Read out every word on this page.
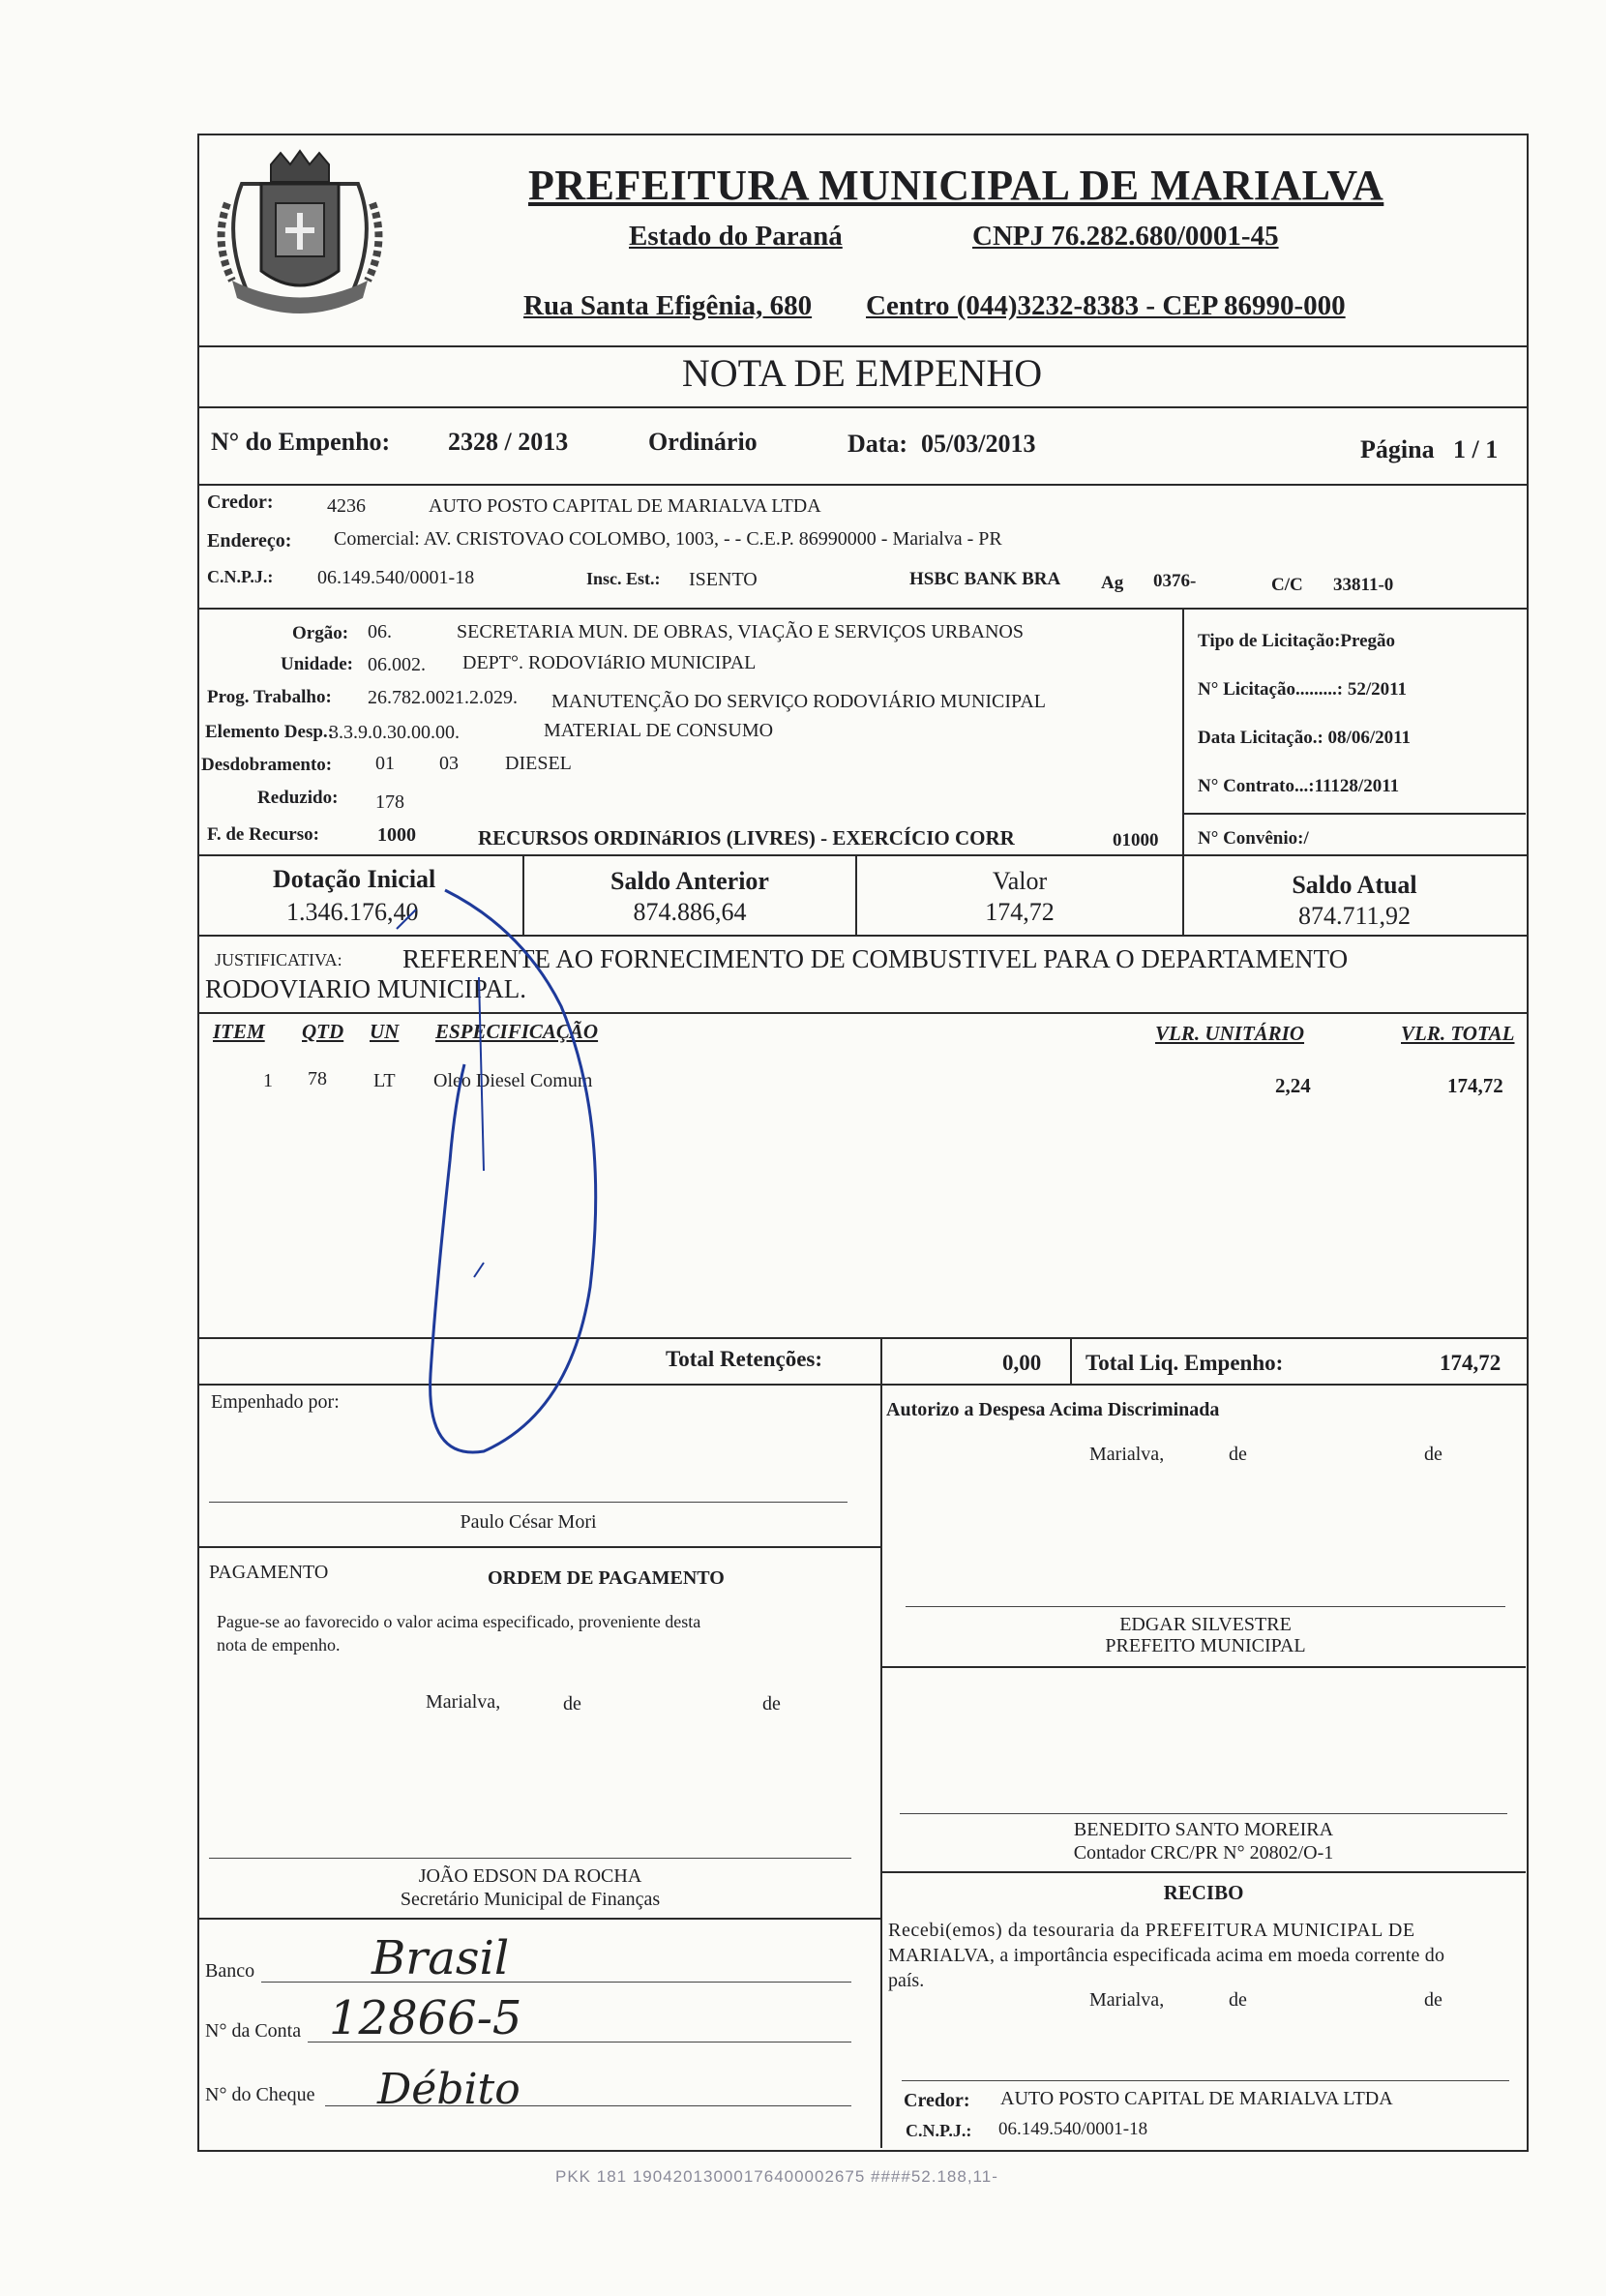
PREFEITURA MUNICIPAL DE MARIALVA
Estado do Paraná	CNPJ 76.282.680/0001-45
Rua Santa Efigênia, 680 Centro (044)3232-8383 - CEP 86990-000
NOTA DE EMPENHO
N° do Empenho: 2328 / 2013	Ordinário	Data: 05/03/2013	Página 1 / 1
Credor:	4236	AUTO POSTO CAPITAL DE MARIALVA LTDA
Endereço: Comercial: AV. CRISTOVAO COLOMBO, 1003, - - C.E.P. 86990000 - Marialva - PR
C.N.P.J.: 06.149.540/0001-18	Insc. Est.: ISENTO	HSBC BANK BRA Ag 0376-	C/C 33811-0
Orgão: 06.	SECRETARIA MUN. DE OBRAS, VIAÇÃO E SERVIÇOS URBANOS
Unidade: 06.002. DEPT°. RODOVIáRIO MUNICIPAL
Prog. Trabalho: 26.782.0021.2.029. MANUTENÇÃO DO SERVIÇO RODOVIÁRIO MUNICIPAL
Elemento Desp.:
3.3.9.0.30.00.00.	MATERIAL DE CONSUMO
Desdobramento: 01 03 DIESEL
Reduzido: 178
F. de Recurso:	1000	RECURSOS ORDINáRIOS (LIVRES) - EXERCÍCIO CORR	01000
Tipo de Licitação:Pregão
N° Licitação.........: 52/2011
Data Licitação.: 08/06/2011
N° Contrato...:11128/2011
N° Convênio:/
Dotação Inicial
1.346.176,40
Saldo Anterior
874.886,64
Valor
174,72
Saldo Atual
874.711,92
JUSTIFICATIVA: REFERENTE AO FORNECIMENTO DE COMBUSTIVEL PARA O DEPARTAMENTO
RODOVIARIO MUNICIPAL.
ITEM QTD UN ESPECIFICAÇÃO	VLR. UNITÁRIO	VLR. TOTAL
1 78 LT Oleo Diesel Comum	2,24	174,72
Total Retenções:	0,00 Total Liq. Empenho:	174,72
Empenhado por:
Paulo César Mori
Autorizo a Despesa Acima Discriminada
Marialva,	de	de
EDGAR SILVESTRE
PREFEITO MUNICIPAL
PAGAMENTO	ORDEM DE PAGAMENTO
Pague-se ao favorecido o valor acima especificado, proveniente desta
nota de empenho.
Marialva,	de	de
BENEDITO SANTO MOREIRA
Contador CRC/PR N° 20802/O-1
JOÃO EDSON DA ROCHA
Secretário Municipal de Finanças	RECIBO
Recebi(emos) da tesouraria da PREFEITURA MUNICIPAL DE
MARIALVA, a importância especificada acima em moeda corrente do
país.
Marialva,	de	de
Banco	Brasil
N° da Conta 12866-5
N° do Cheque Débito	Credor: AUTO POSTO CAPITAL DE MARIALVA LTDA
C.N.P.J.: 06.149.540/0001-18
PKK 181 19042013000176400002675 ####52.188,11-
